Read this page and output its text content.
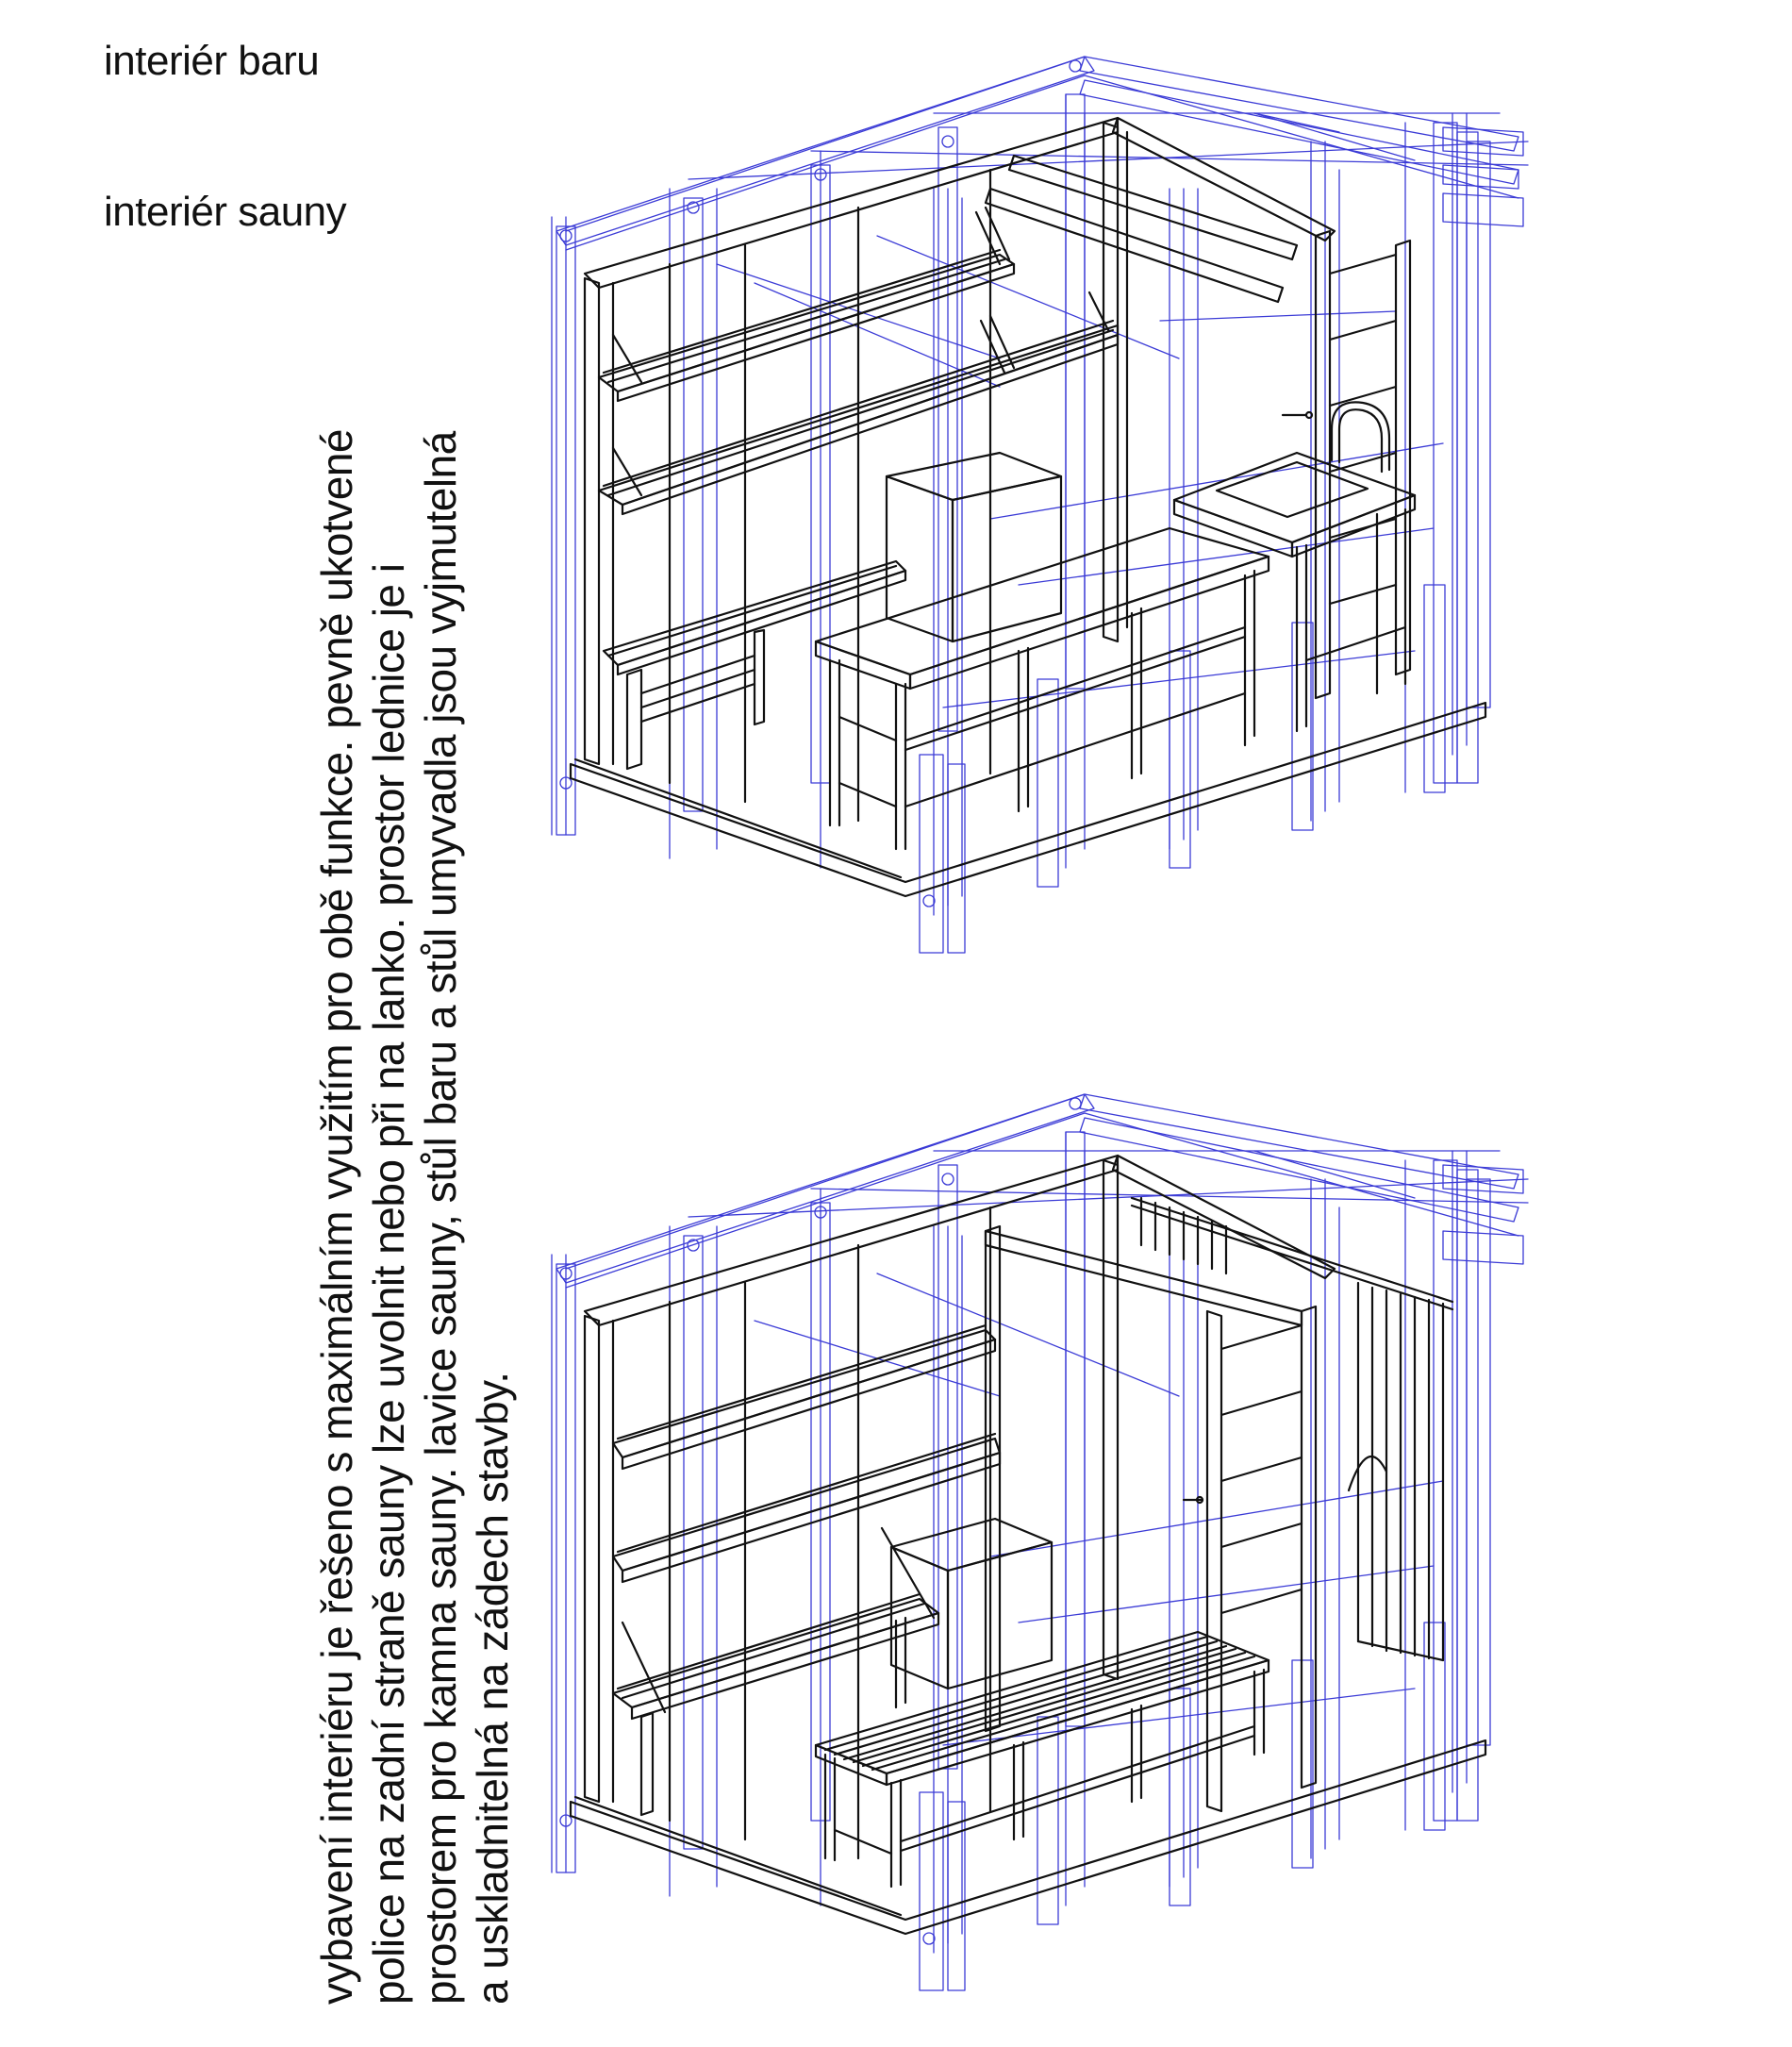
interiér baru
interiér sauny

vybavení interiéru je řešeno s maximálním využitím pro obě funkce. pevně ukotvené police na zadní straně sauny lze uvolnit nebo při na lanko. prostor lednice je i prostorem pro kamna sauny. lavice sauny, stůl baru a stůl umyvadla jsou vyjmutelná a uskladnitelná na zádech stavby.
